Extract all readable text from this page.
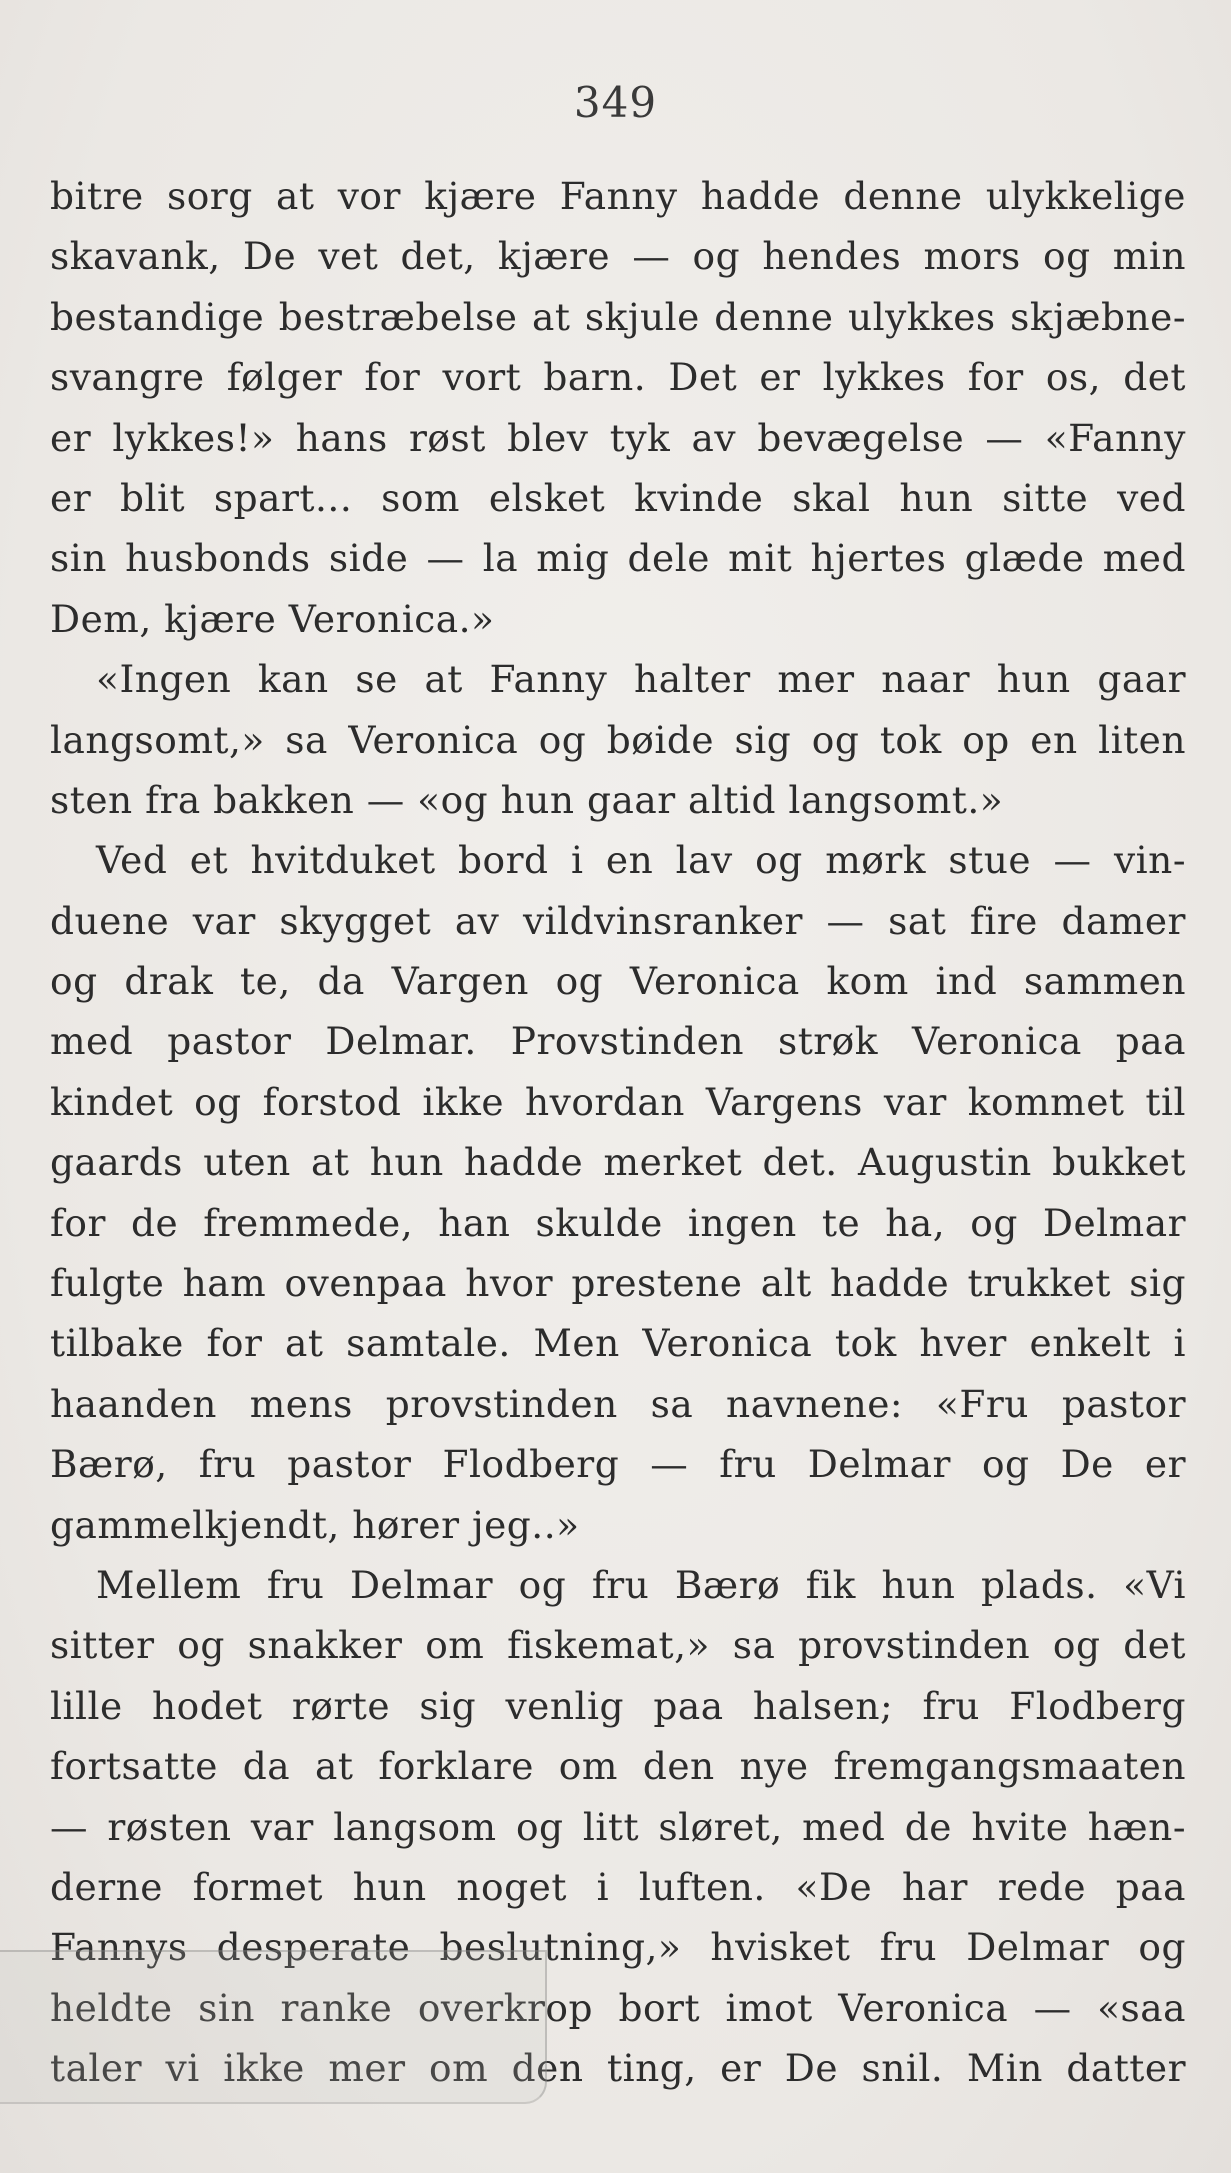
349
bitre sorg at vor kjære Fanny hadde denne ulykkelige
skavank, De vet det, kjære — og hendes mors og min
bestandige bestræbelse at skjule denne ulykkes skjæbne-
svangre følger for vort barn. Det er lykkes for os, det
er lykkes!» hans røst blev tyk av bevægelse — «Fanny
er blit spart... som elsket kvinde skal hun sitte ved
sin husbonds side — la mig dele mit hjertes glæde med
Dem, kjære Veronica.»
«Ingen kan se at Fanny halter mer naar hun gaar
langsomt,» sa Veronica og bøide sig og tok op en liten
sten fra bakken — «og hun gaar altid langsomt.»
Ved et hvitduket bord i en lav og mørk stue — vin-
duene var skygget av vildvinsranker — sat fire damer
og drak te, da Vargen og Veronica kom ind sammen
med pastor Delmar. Provstinden strøk Veronica paa
kindet og forstod ikke hvordan Vargens var kommet til
gaards uten at hun hadde merket det. Augustin bukket
for de fremmede, han skulde ingen te ha, og Delmar
fulgte ham ovenpaa hvor prestene alt hadde trukket sig
tilbake for at samtale. Men Veronica tok hver enkelt i
haanden mens provstinden sa navnene: «Fru pastor
Bærø, fru pastor Flodberg — fru Delmar og De er
gammelkjendt, hører jeg..»
Mellem fru Delmar og fru Bærø fik hun plads. «Vi
sitter og snakker om fiskemat,» sa provstinden og det
lille hodet rørte sig venlig paa halsen; fru Flodberg
fortsatte da at forklare om den nye fremgangsmaaten
— røsten var langsom og litt sløret, med de hvite hæn-
derne formet hun noget i luften. «De har rede paa
Fannys desperate beslutning,» hvisket fru Delmar og
heldte sin ranke overkrop bort imot Veronica — «saa
taler vi ikke mer om den ting, er De snil. Min datter
